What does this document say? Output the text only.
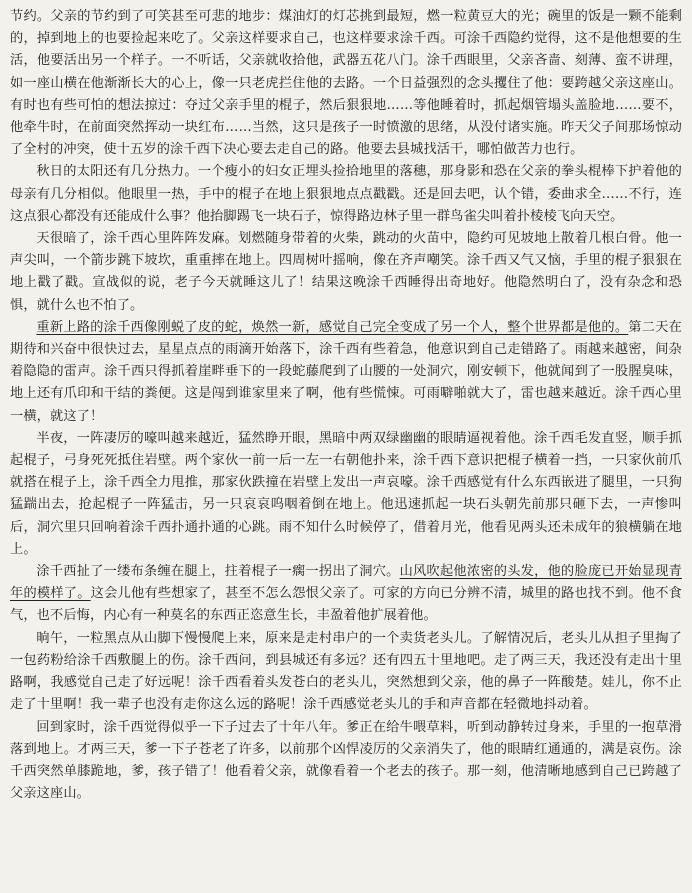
节约。父亲的节约到了可笑甚至可悲的地步：煤油灯的灯芯挑到最短，燃一粒黄豆大的光；碗里的饭是一颗不能剩的，掉到地上的也要捡起来吃了。父亲这样要求自己，也这样要求涂千西。可涂千西隐约觉得，这不是他想要的生活，他要活出另一个样子。一不听话，父亲就收拾他，武器五花八门。涂千西眼里，父亲吝啬、刻薄、蛮不讲理，如一座山横在他渐渐长大的心上，像一只老虎拦住他的去路。一个日益强烈的念头攫住了他：要跨越父亲这座山。有时也有些可怕的想法掠过：夺过父亲手里的棍子，然后狠狠地……等他睡着时，抓起烟管塌头盖脸地……要不，他牵牛时，在前面突然挥动一块红布……当然，这只是孩子一时愤激的思绪，从没付诸实施。昨天父子间那场惊动了全村的冲突，使十五岁的涂千西下决心要去走自己的路。他要去县城找活干，哪怕做苦力也行。

秋日的太阳还有几分热力。一个瘦小的妇女正埋头捡拾地里的落穗，那身影和恐在父亲的拳头棍棒下护着他的母亲有几分相似。他眼里一热，手中的棍子在地上狠狠地点点戳戳。还是回去吧，认个错，委曲求全……不行，连这点狠心都没有还能成什么事？他抬脚踢飞一块石子，惊得路边林子里一群鸟雀尖叫着扑棱棱飞向天空。

天很暗了，涂千西心里阵阵发麻。划燃随身带着的火柴，跳动的火苗中，隐约可见坡地上散着几根白骨。他一声尖叫，一个箭步跳下坡坎，重重摔在地上。四周树叶摇响，像在齐声嘲笑。涂千西又气又恼，手里的棍子狠狠在地上戳了戳。宣战似的说，老子今天就睡这儿了！结果这晚涂千西睡得出奇地好。他隐然明白了，没有杂念和恐惧，就什么也不怕了。

重新上路的涂千西像刚蜕了皮的蛇，焕然一新，感觉自己完全变成了另一个人，整个世界都是他的。第二天在期待和兴奋中很快过去，星星点点的雨滴开始落下，涂千西有些着急，他意识到自己走错路了。雨越来越密，间杂着隐隐的雷声。涂千西只得抓着崖畔垂下的一段蛇藤爬到了山腰的一处洞穴，刚安顿下，他就闻到了一股腥臭味，地上还有爪印和干结的粪便。这是闯到谁家里来了啊，他有些慌悚。可雨噼啪就大了，雷也越来越近。涂千西心里一横，就这了！

半夜，一阵凄厉的嚎叫越来越近，猛然睁开眼，黑暗中两双绿幽幽的眼睛逼视着他。涂千西毛发直竖，顺手抓起棍子，弓身死死抵住岩壁。两个家伙一前一后一左一右朝他扑来，涂千西下意识把棍子横着一挡，一只家伙前爪就搭在棍子上，涂千西全力甩推，那家伙跌撞在岩壁上发出一声哀嚎。涂千西感觉有什么东西嵌进了腿里，一只狗猛踹出去，抢起棍子一阵猛击，另一只哀哀呜咽着倒在地上。他迅速抓起一块石头朝先前那只砸下去，一声惨叫后，洞穴里只回响着涂千西扑通扑通的心跳。雨不知什么时候停了，借着月光，他看见两头还未成年的狼横躺在地上。

涂千西扯了一缕布条缠在腿上，拄着棍子一瘸一拐出了洞穴。山风吹起他浓密的头发，他的脸庞已开始显现青年的模样了。这会儿他有些想家了，甚至不怎么怨恨父亲了。可家的方向已分辨不清，城里的路也找不到。他不食气，也不后悔，内心有一种莫名的东西正恣意生长，丰盈着他扩展着他。

晌午，一粒黑点从山脚下慢慢爬上来，原来是走村串户的一个卖货老头儿。了解情况后，老头儿从担子里掏了一包药粉给涂千西敷腿上的伤。涂千西问，到县城还有多远？还有四五十里地吧。走了两三天，我还没有走出十里路啊，我感觉自己走了好远呢！涂千西看着头发苍白的老头儿，突然想到父亲，他的鼻子一阵酸楚。娃儿，你不止走了十里啊！我一辈子也没有走你这么远的路呢！涂千西感觉老头儿的手和声音都在轻微地抖动着。

回到家时，涂千西觉得似乎一下子过去了十年八年。爹正在给牛喂草料，听到动静转过身来，手里的一抱草滑落到地上。才两三天，爹一下子苍老了许多，以前那个凶悍凌厉的父亲消失了，他的眼睛红通通的，满是哀伤。涂千西突然单膝跪地，爹，孩子错了！他看着父亲，就像看着一个老去的孩子。那一刻，他清晰地感到自己已跨越了父亲这座山。
